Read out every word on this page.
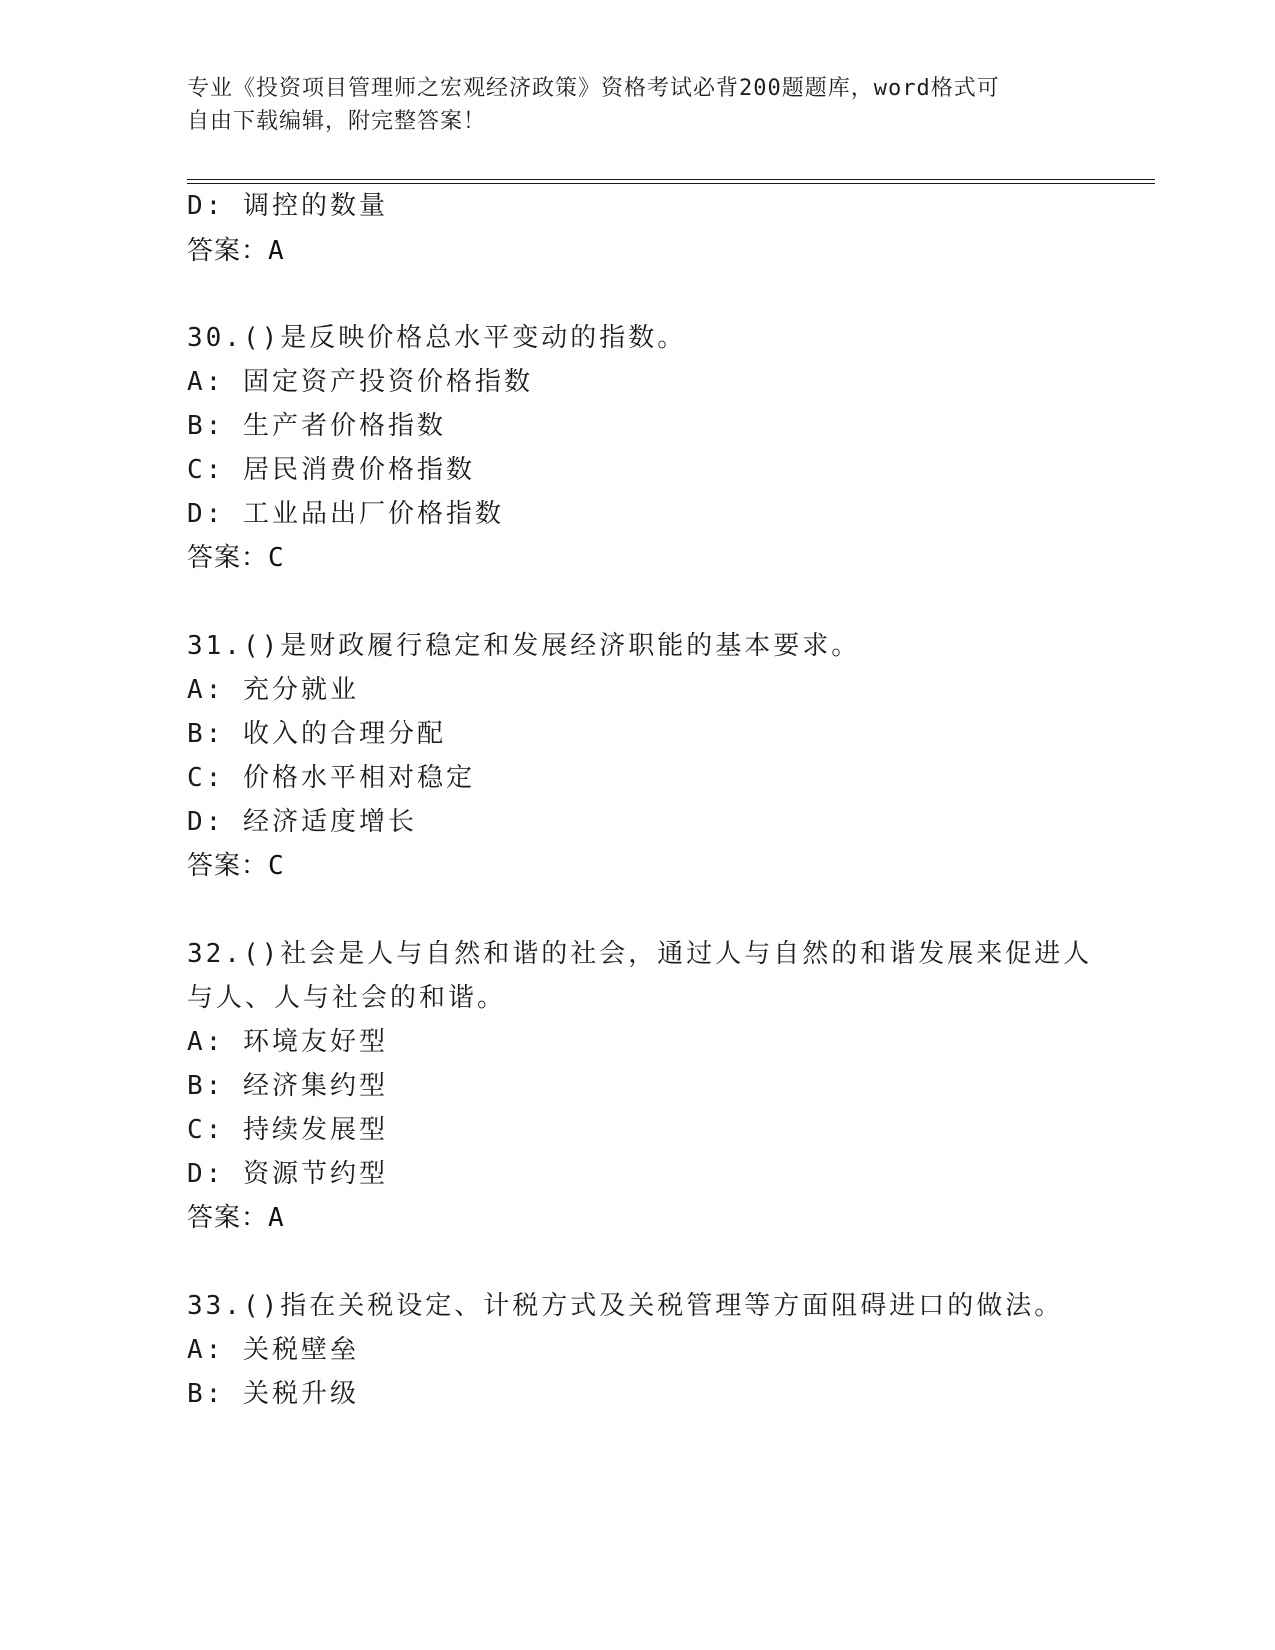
专业《投资项目管理师之宏观经济政策》资格考试必背200题题库，word格式可
自由下载编辑，附完整答案！
D: 调控的数量
答案：A
30.()是反映价格总水平变动的指数。
A: 固定资产投资价格指数
B: 生产者价格指数
C: 居民消费价格指数
D: 工业品出厂价格指数
答案：C
31.()是财政履行稳定和发展经济职能的基本要求。
A: 充分就业
B: 收入的合理分配
C: 价格水平相对稳定
D: 经济适度增长
答案：C
32.()社会是人与自然和谐的社会，通过人与自然的和谐发展来促进人
与人、人与社会的和谐。
A: 环境友好型
B: 经济集约型
C: 持续发展型
D: 资源节约型
答案：A
33.()指在关税设定、计税方式及关税管理等方面阻碍进口的做法。
A: 关税壁垒
B: 关税升级
